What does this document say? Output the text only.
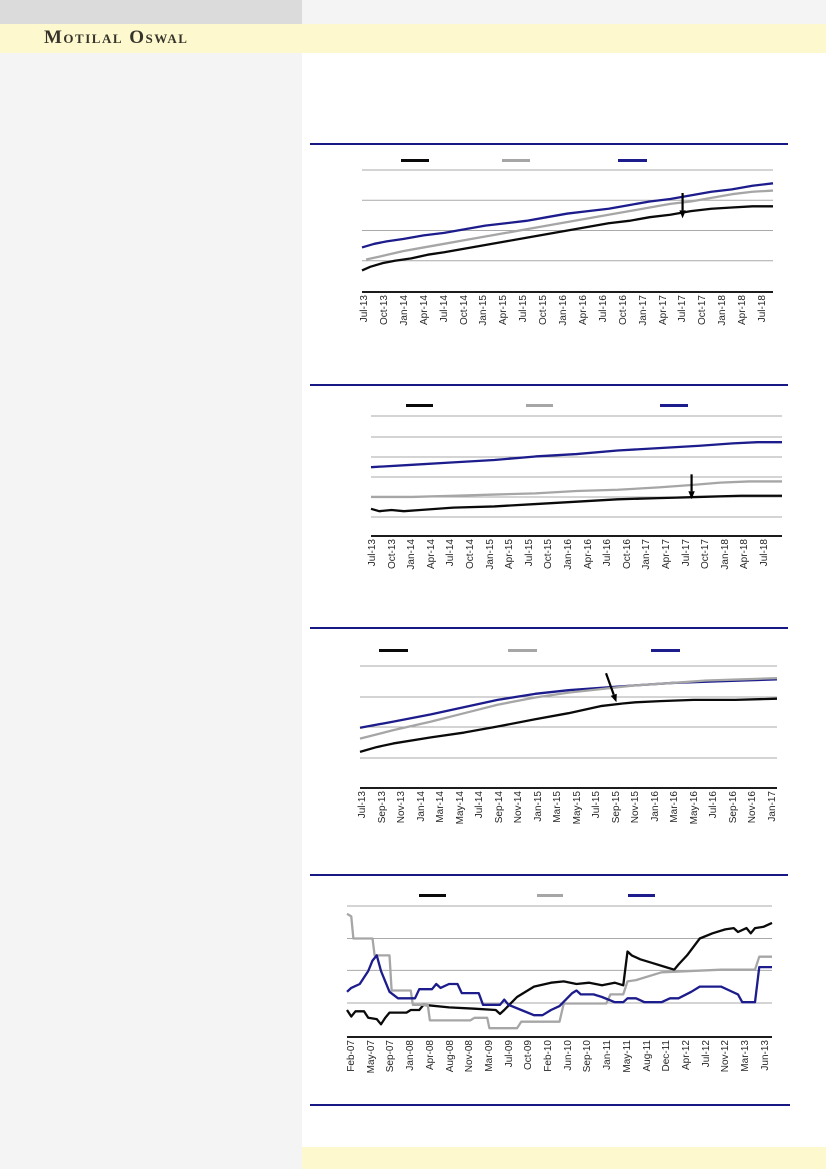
Motilal Oswal
Jul-13 Oct-13 Jan-14 Apr-14 Jul-14 Oct-14 Jan-15 Apr-15 Jul-15 Oct-15 Jan-16 Apr-16 Jul-16 Oct-16 Jan-17 Apr-17 Jul-17 Oct-17 Jan-18 Apr-18 Jul-18
Jul-13 Oct-13 Jan-14 Apr-14 Jul-14 Oct-14 Jan-15 Apr-15 Jul-15 Oct-15 Jan-16 Apr-16 Jul-16 Oct-16 Jan-17 Apr-17 Jul-17 Oct-17 Jan-18 Apr-18 Jul-18
Jul-13 Sep-13 Nov-13 Jan-14 Mar-14 May-14 Jul-14 Sep-14 Nov-14 Jan-15 Mar-15 May-15 Jul-15 Sep-15 Nov-15 Jan-16 Mar-16 May-16 Jul-16 Sep-16 Nov-16 Jan-17
Feb-07 May-07 Sep-07 Jan-08 Apr-08 Aug-08 Nov-08 Mar-09 Jul-09 Oct-09 Feb-10 Jun-10 Sep-10 Jan-11 May-11 Aug-11 Dec-11 Apr-12 Jul-12 Nov-12 Mar-13 Jun-13
